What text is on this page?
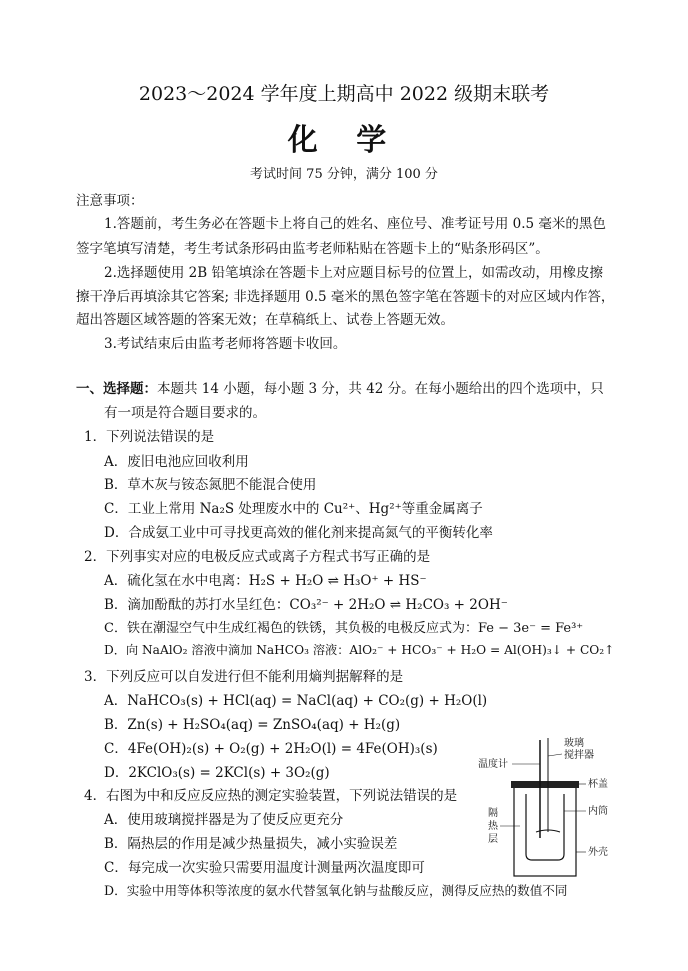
2023～2024 学年度上期高中 2022 级期末联考
化 学
考试时间 75 分钟，满分 100 分
注意事项：
1.答题前，考生务必在答题卡上将自己的姓名、座位号、准考证号用 0.5 毫米的黑色
签字笔填写清楚，考生考试条形码由监考老师粘贴在答题卡上的“贴条形码区”。
2.选择题使用 2B 铅笔填涂在答题卡上对应题目标号的位置上，如需改动，用橡皮擦
擦干净后再填涂其它答案; 非选择题用 0.5 毫米的黑色签字笔在答题卡的对应区域内作答，
超出答题区域答题的答案无效；在草稿纸上、试卷上答题无效。
3.考试结束后由监考老师将答题卡收回。
一、选择题：本题共 14 小题，每小题 3 分，共 42 分。在每小题给出的四个选项中，只
有一项是符合题目要求的。
1．下列说法错误的是
A．废旧电池应回收利用
B．草木灰与铵态氮肥不能混合使用
C．工业上常用 Na₂S 处理废水中的 Cu²⁺、Hg²⁺等重金属离子
D．合成氨工业中可寻找更高效的催化剂来提高氮气的平衡转化率
2．下列事实对应的电极反应式或离子方程式书写正确的是
A．硫化氢在水中电离：H₂S + H₂O ⇌ H₃O⁺ + HS⁻
B．滴加酚酞的苏打水呈红色：CO₃²⁻ + 2H₂O ⇌ H₂CO₃ + 2OH⁻
C．铁在潮湿空气中生成红褐色的铁锈，其负极的电极反应式为：Fe − 3e⁻ = Fe³⁺
D．向 NaAlO₂ 溶液中滴加 NaHCO₃ 溶液：AlO₂⁻ + HCO₃⁻ + H₂O = Al(OH)₃↓ + CO₂↑
3．下列反应可以自发进行但不能利用熵判据解释的是
A．NaHCO₃(s) + HCl(aq) = NaCl(aq) + CO₂(g) + H₂O(l)
B．Zn(s) + H₂SO₄(aq) = ZnSO₄(aq) + H₂(g)
C．4Fe(OH)₂(s) + O₂(g) + 2H₂O(l) = 4Fe(OH)₃(s)
D．2KClO₃(s) = 2KCl(s) + 3O₂(g)
4．右图为中和反应反应热的测定实验装置，下列说法错误的是
A．使用玻璃搅拌器是为了使反应更充分
B．隔热层的作用是减少热量损失，减小实验误差
C．每完成一次实验只需要用温度计测量两次温度即可
D．实验中用等体积等浓度的氨水代替氢氧化钠与盐酸反应，测得反应热的数值不同
温度计
玻璃
搅拌器
杯盖
内筒
隔
热
层
外壳
